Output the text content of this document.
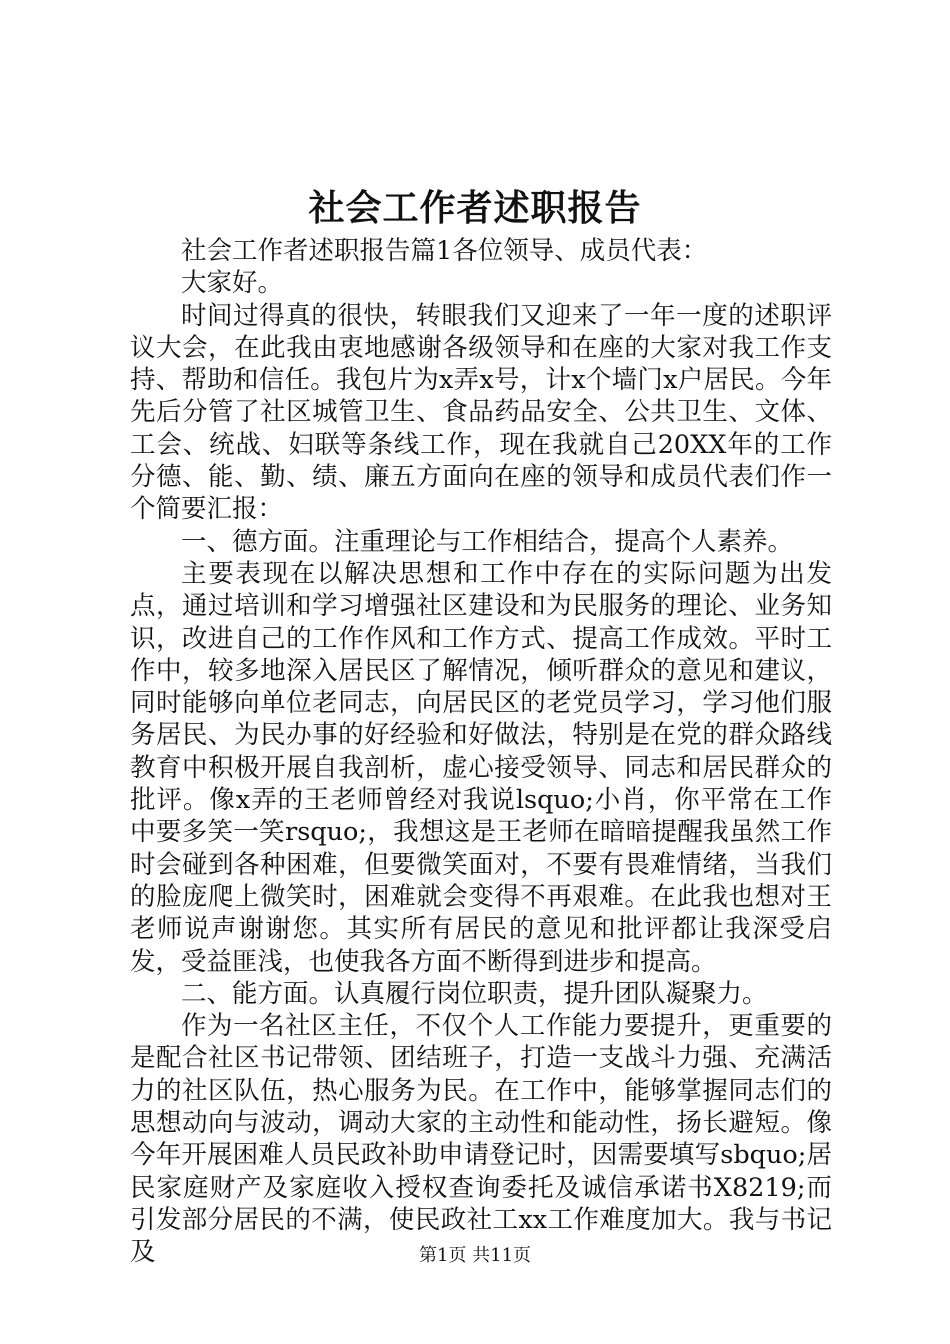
社会工作者述职报告

社会工作者述职报告篇1各位领导、成员代表：

大家好。

时间过得真的很快，转眼我们又迎来了一年一度的述职评议大会，在此我由衷地感谢各级领导和在座的大家对我工作支持、帮助和信任。我包片为x弄x号，计x个墙门x户居民。今年先后分管了社区城管卫生、食品药品安全、公共卫生、文体、工会、统战、妇联等条线工作，现在我就自己20XX年的工作分德、能、勤、绩、廉五方面向在座的领导和成员代表们作一个简要汇报：

一、德方面。注重理论与工作相结合，提高个人素养。

主要表现在以解决思想和工作中存在的实际问题为出发点，通过培训和学习增强社区建设和为民服务的理论、业务知识，改进自己的工作作风和工作方式、提高工作成效。平时工作中，较多地深入居民区了解情况，倾听群众的意见和建议，同时能够向单位老同志，向居民区的老党员学习，学习他们服务居民、为民办事的好经验和好做法，特别是在党的群众路线教育中积极开展自我剖析，虚心接受领导、同志和居民群众的批评。像x弄的王老师曾经对我说lsquo;小肖，你平常在工作中要多笑一笑rsquo;，我想这是王老师在暗暗提醒我虽然工作时会碰到各种困难，但要微笑面对，不要有畏难情绪，当我们的脸庞爬上微笑时，困难就会变得不再艰难。在此我也想对王老师说声谢谢您。其实所有居民的意见和批评都让我深受启发，受益匪浅，也使我各方面不断得到进步和提高。

二、能方面。认真履行岗位职责，提升团队凝聚力。

作为一名社区主任，不仅个人工作能力要提升，更重要的是配合社区书记带领、团结班子，打造一支战斗力强、充满活力的社区队伍，热心服务为民。在工作中，能够掌握同志们的思想动向与波动，调动大家的主动性和能动性，扬长避短。像今年开展困难人员民政补助申请登记时，因需要填写sbquo;居民家庭财产及家庭收入授权查询委托及诚信承诺书X8219;而引发部分居民的不满，使民政社工xx工作难度加大。我与书记及	第1页 共11页
